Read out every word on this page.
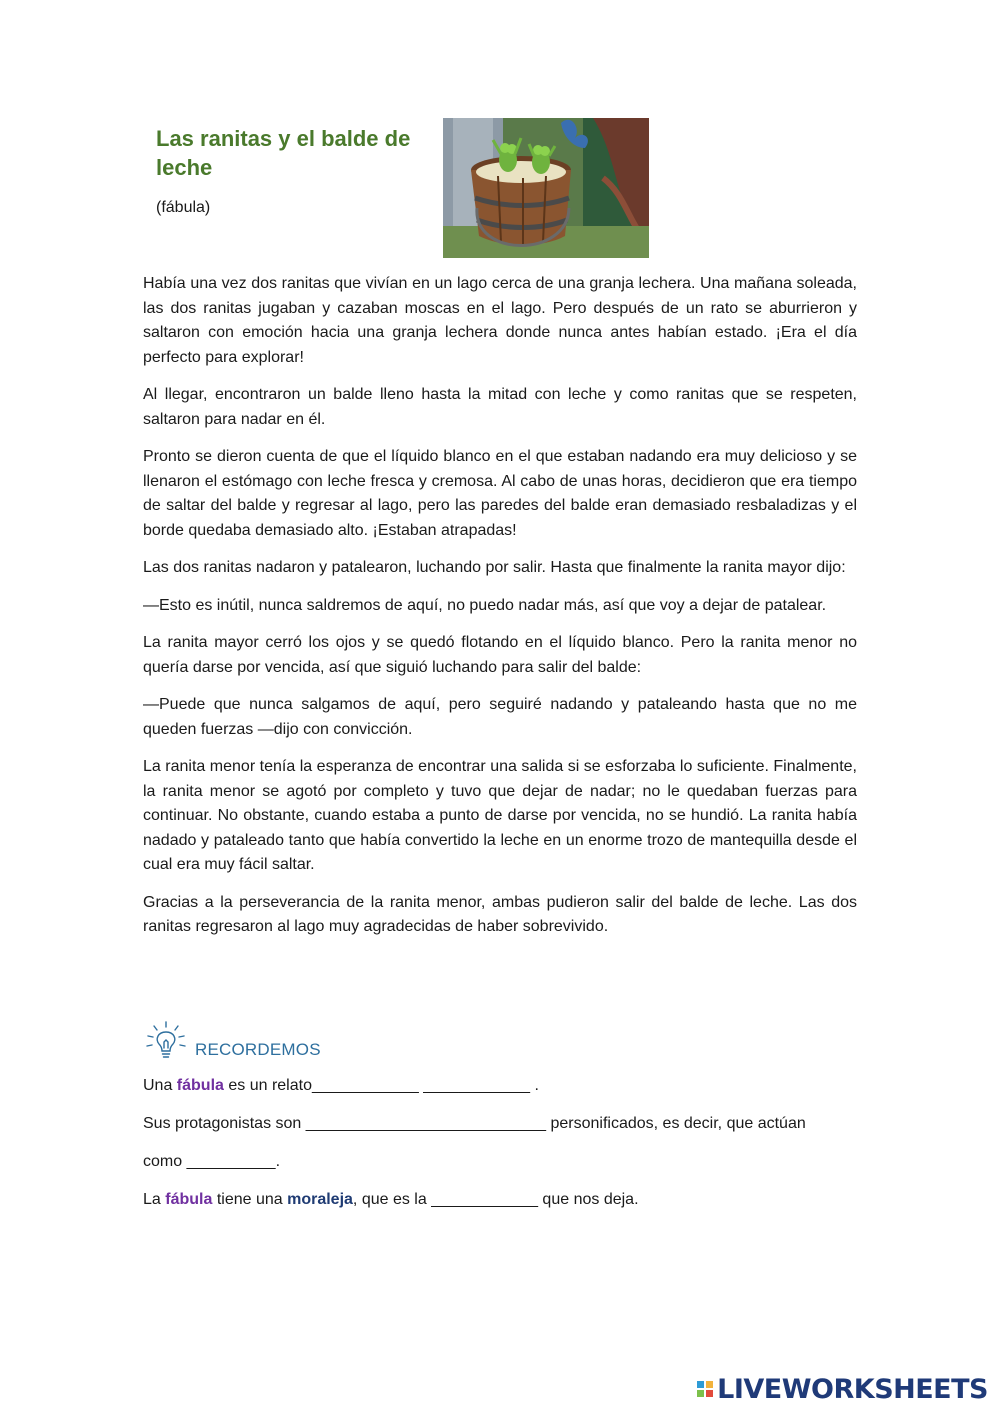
Las ranitas y el balde de leche
(fábula)

Había una vez dos ranitas que vivían en un lago cerca de una granja lechera. Una mañana soleada, las dos ranitas jugaban y cazaban moscas en el lago. Pero después de un rato se aburrieron y saltaron con emoción hacia una granja lechera donde nunca antes habían estado. ¡Era el día perfecto para explorar!

Al llegar, encontraron un balde lleno hasta la mitad con leche y como ranitas que se respeten, saltaron para nadar en él.

Pronto se dieron cuenta de que el líquido blanco en el que estaban nadando era muy delicioso y se llenaron el estómago con leche fresca y cremosa. Al cabo de unas horas, decidieron que era tiempo de saltar del balde y regresar al lago, pero las paredes del balde eran demasiado resbaladizas y el borde quedaba demasiado alto. ¡Estaban atrapadas!

Las dos ranitas nadaron y patalearon, luchando por salir. Hasta que finalmente la ranita mayor dijo:

—Esto es inútil, nunca saldremos de aquí, no puedo nadar más, así que voy a dejar de patalear.

La ranita mayor cerró los ojos y se quedó flotando en el líquido blanco. Pero la ranita menor no quería darse por vencida, así que siguió luchando para salir del balde:

—Puede que nunca salgamos de aquí, pero seguiré nadando y pataleando hasta que no me queden fuerzas —dijo con convicción.

La ranita menor tenía la esperanza de encontrar una salida si se esforzaba lo suficiente. Finalmente, la ranita menor se agotó por completo y tuvo que dejar de nadar; no le quedaban fuerzas para continuar. No obstante, cuando estaba a punto de darse por vencida, no se hundió. La ranita había nadado y pataleado tanto que había convertido la leche en un enorme trozo de mantequilla desde el cual era muy fácil saltar.

Gracias a la perseverancia de la ranita menor, ambas pudieron salir del balde de leche. Las dos ranitas regresaron al lago muy agradecidas de haber sobrevivido.

RECORDEMOS
Una fábula es un relato____________ ____________ .
Sus protagonistas son ___________________________ personificados, es decir, que actúan
como __________.
La fábula tiene una moraleja, que es la ____________ que nos deja.
LIVEWORKSHEETS
